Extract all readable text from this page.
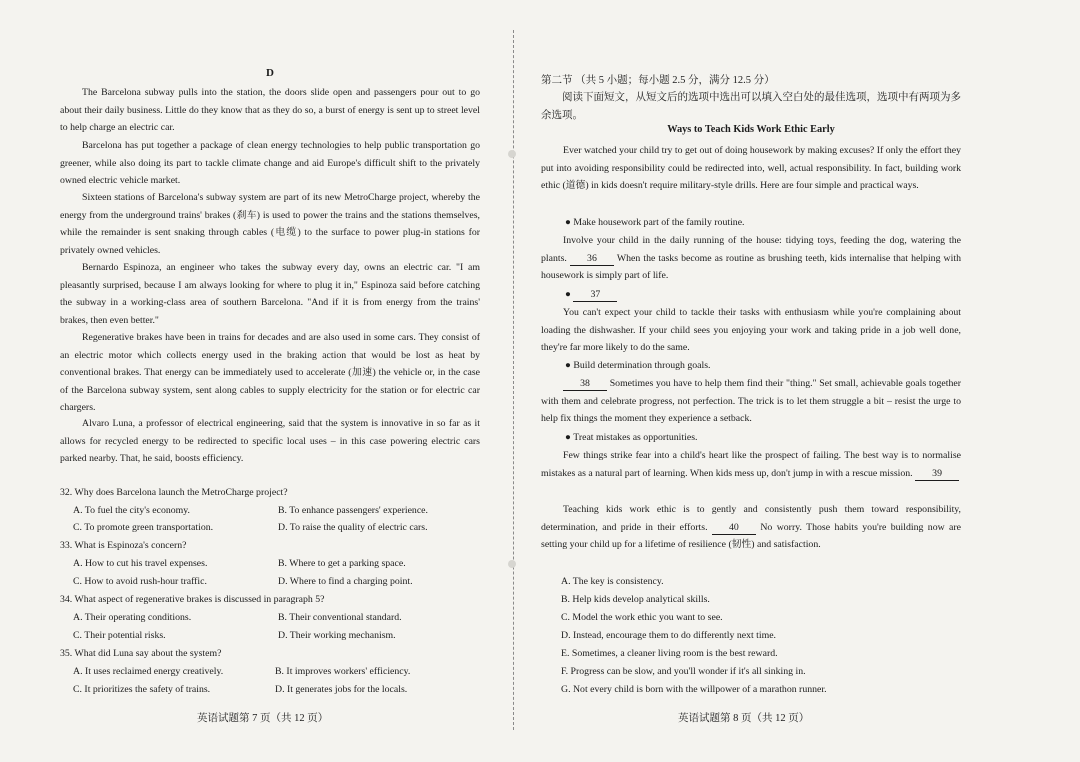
D

The Barcelona subway pulls into the station, the doors slide open and passengers pour out to go about their daily business. Little do they know that as they do so, a burst of energy is sent up to street level to help charge an electric car.

Barcelona has put together a package of clean energy technologies to help public transportation go greener, while also doing its part to tackle climate change and aid Europe's difficult shift to the privately owned electric vehicle market.

Sixteen stations of Barcelona's subway system are part of its new MetroCharge project, whereby the energy from the underground trains' brakes (刹车) is used to power the trains and the stations themselves, while the remainder is sent snaking through cables (电缆) to the surface to power plug-in stations for privately owned vehicles.

Bernardo Espinoza, an engineer who takes the subway every day, owns an electric car. "I am pleasantly surprised, because I am always looking for where to plug it in," Espinoza said before catching the subway in a working-class area of southern Barcelona. "And if it is from energy from the trains' brakes, then even better."

Regenerative brakes have been in trains for decades and are also used in some cars. They consist of an electric motor which collects energy used in the braking action that would be lost as heat by conventional brakes. That energy can be immediately used to accelerate (加速) the vehicle or, in the case of the Barcelona subway system, sent along cables to supply electricity for the station or for electric car chargers.

Alvaro Luna, a professor of electrical engineering, said that the system is innovative in so far as it allows for recycled energy to be redirected to specific local uses – in this case powering electric cars parked nearby. That, he said, boosts efficiency.

32. Why does Barcelona launch the MetroCharge project?
A. To fuel the city's economy.	B. To enhance passengers' experience.
C. To promote green transportation.	D. To raise the quality of electric cars.
33. What is Espinoza's concern?
A. How to cut his travel expenses.	B. Where to get a parking space.
C. How to avoid rush-hour traffic.	D. Where to find a charging point.
34. What aspect of regenerative brakes is discussed in paragraph 5?
A. Their operating conditions.	B. Their conventional standard.
C. Their potential risks.	D. Their working mechanism.
35. What did Luna say about the system?
A. It uses reclaimed energy creatively.	B. It improves workers' efficiency.
C. It prioritizes the safety of trains.	D. It generates jobs for the locals.
英语试题第 7 页（共 12 页）
第二节 （共 5 小题；每小题 2.5 分，满分 12.5 分）

阅读下面短文，从短文后的选项中选出可以填入空白处的最佳选项，选项中有两项为多余选项。

Ways to Teach Kids Work Ethic Early

Ever watched your child try to get out of doing housework by making excuses? If only the effort they put into avoiding responsibility could be redirected into, well, actual responsibility. In fact, building work ethic (道德) in kids doesn't require military-style drills. Here are four simple and practical ways.

● Make housework part of the family routine.

Involve your child in the daily running of the house: tidying toys, feeding the dog, watering the plants. 36 When the tasks become as routine as brushing teeth, kids internalise that helping with housework is simply part of life.

● 37

You can't expect your child to tackle their tasks with enthusiasm while you're complaining about loading the dishwasher. If your child sees you enjoying your work and taking pride in a job well done, they're far more likely to do the same.

● Build determination through goals.

38 Sometimes you have to help them find their "thing." Set small, achievable goals together with them and celebrate progress, not perfection. The trick is to let them struggle a bit – resist the urge to help fix things the moment they experience a setback.

● Treat mistakes as opportunities.

Few things strike fear into a child's heart like the prospect of failing. The best way is to normalise mistakes as a natural part of learning. When kids mess up, don't jump in with a rescue mission. 39

Teaching kids work ethic is to gently and consistently push them toward responsibility, determination, and pride in their efforts. 40 No worry. Those habits you're building now are setting your child up for a lifetime of resilience (韧性) and satisfaction.

A. The key is consistency.
B. Help kids develop analytical skills.
C. Model the work ethic you want to see.
D. Instead, encourage them to do differently next time.
E. Sometimes, a cleaner living room is the best reward.
F. Progress can be slow, and you'll wonder if it's all sinking in.
G. Not every child is born with the willpower of a marathon runner.
英语试题第 8 页（共 12 页）
